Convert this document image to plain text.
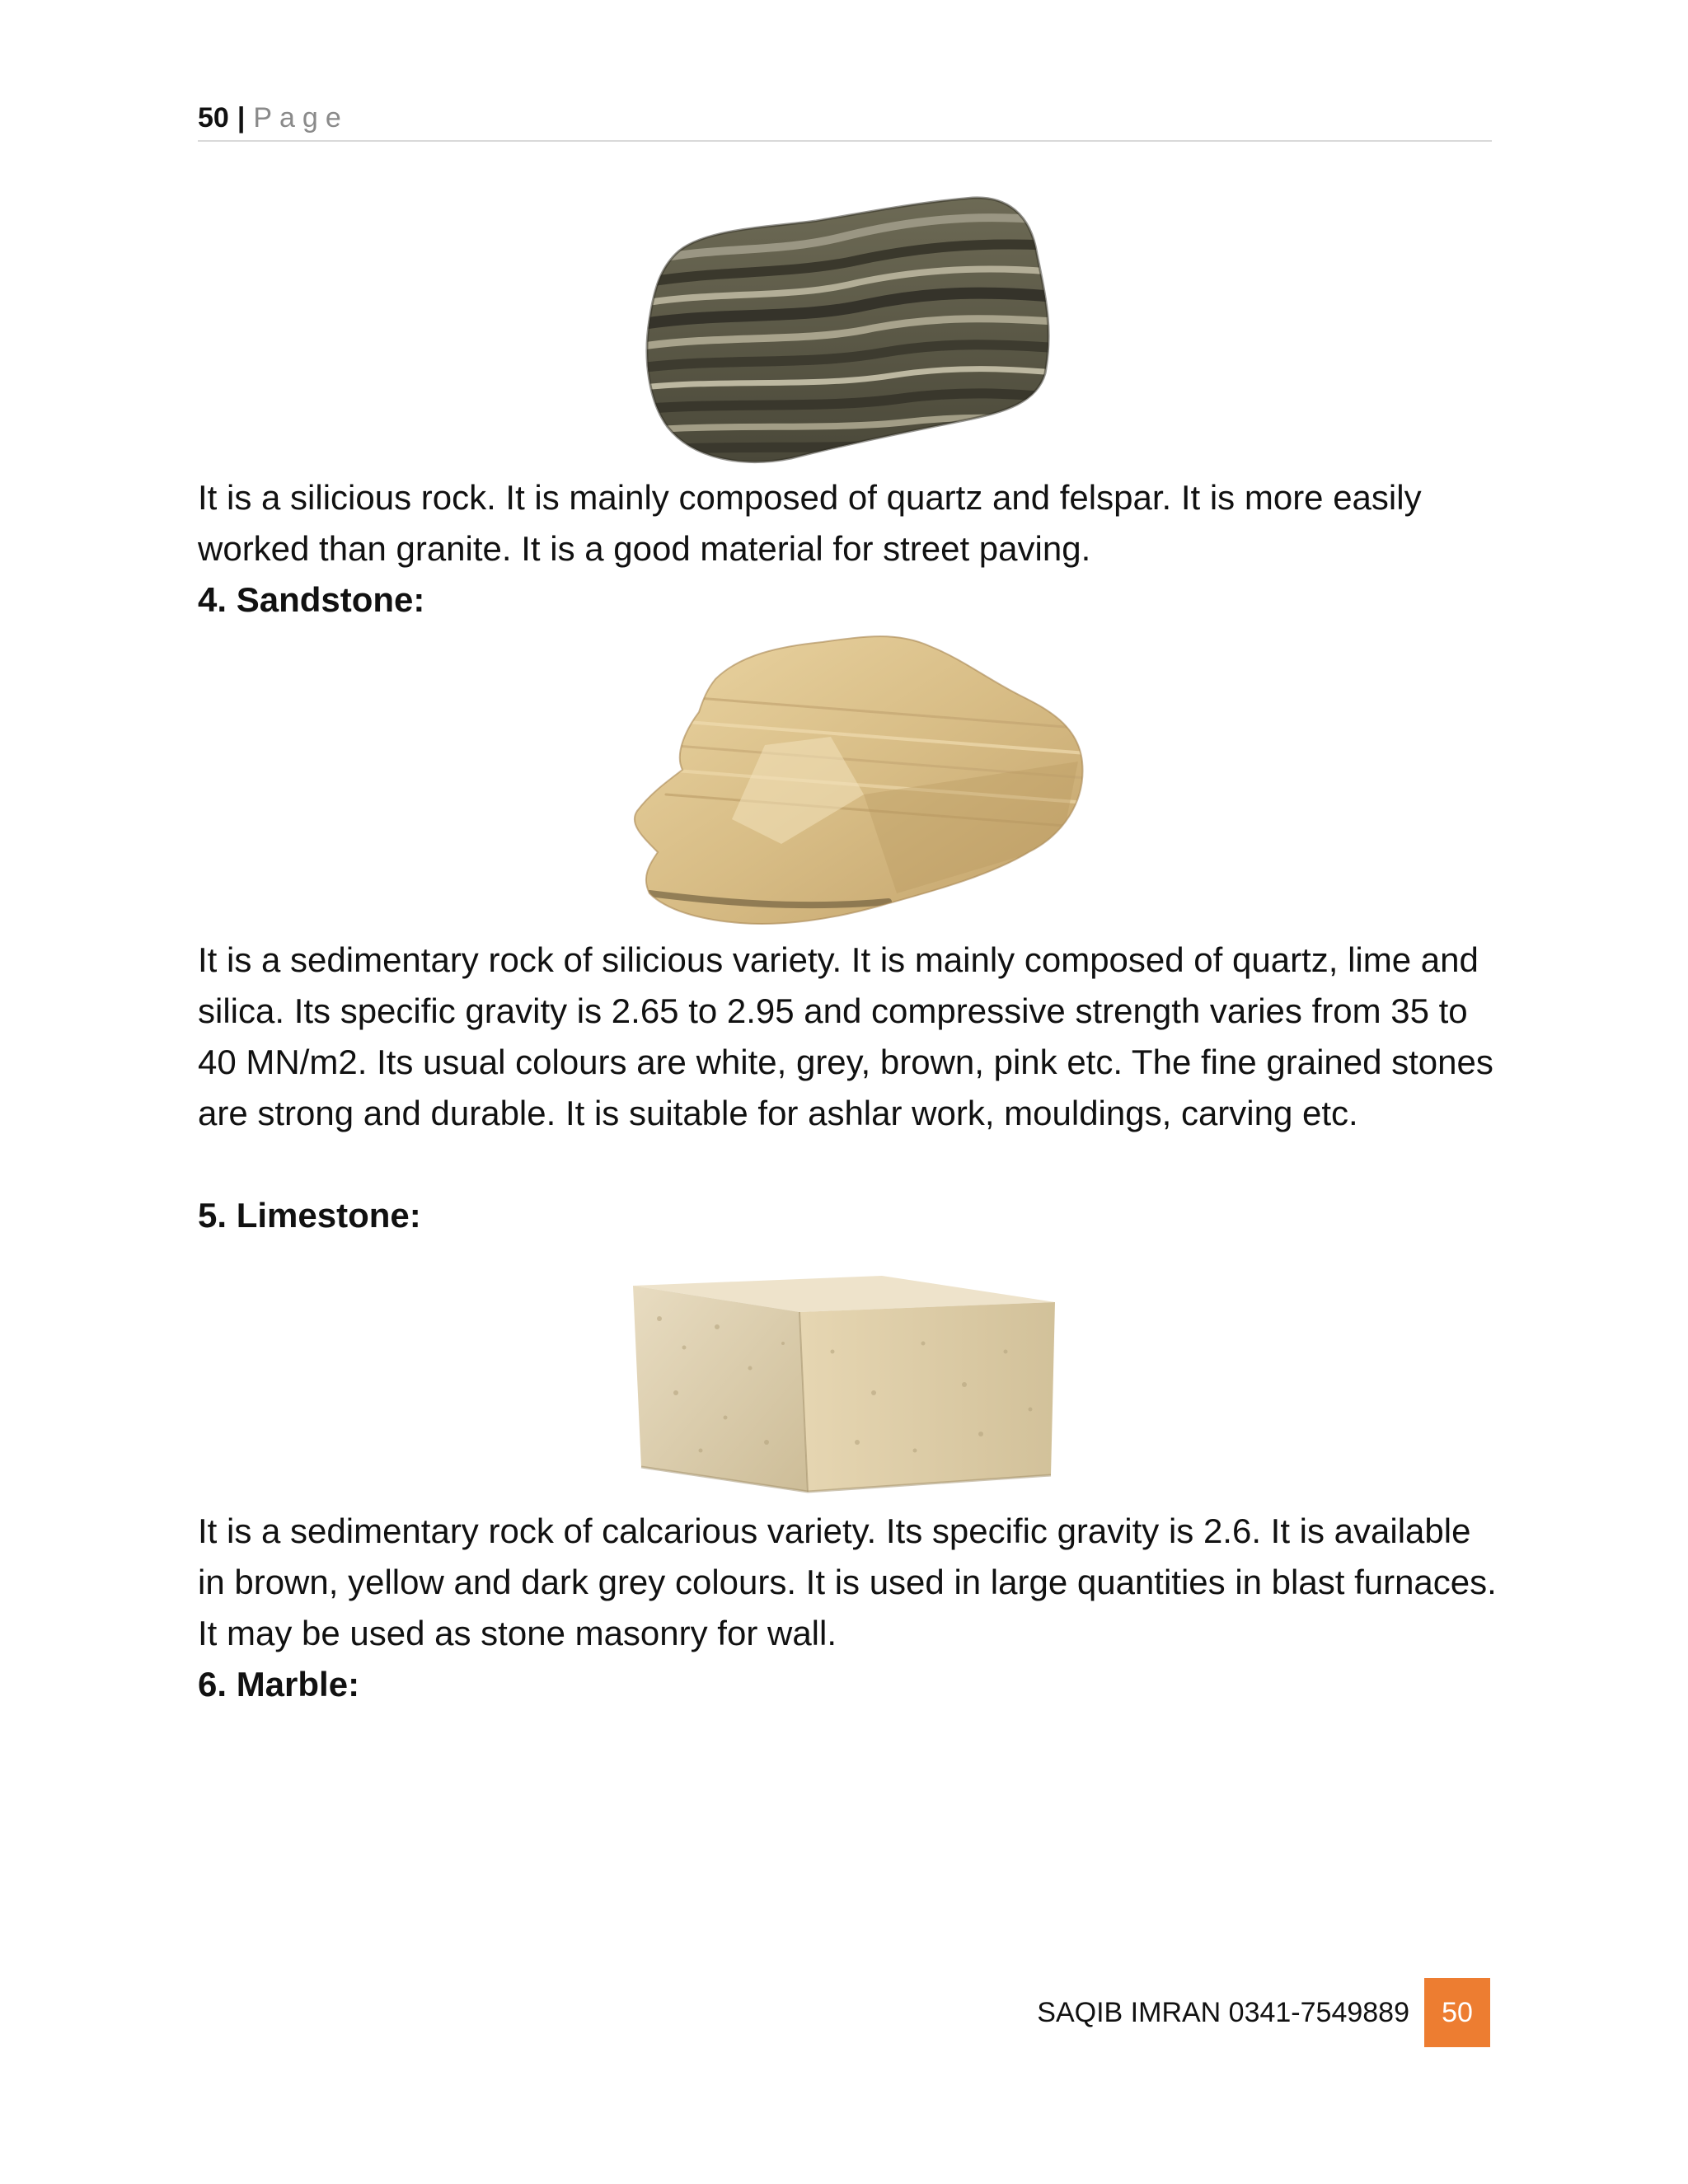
50 | Page

It is a silicious rock. It is mainly composed of quartz and felspar. It is more easily worked than granite. It is a good material for street paving.

4. Sandstone:

It is a sedimentary rock of silicious variety. It is mainly composed of quartz, lime and silica. Its specific gravity is 2.65 to 2.95 and compressive strength varies from 35 to 40 MN/m2. Its usual colours are white, grey, brown, pink etc. The fine grained stones are strong and durable. It is suitable for ashlar work, mouldings, carving etc.

5. Limestone:

It is a sedimentary rock of calcarious variety. Its specific gravity is 2.6. It is available in brown, yellow and dark grey colours. It is used in large quantities in blast furnaces. It may be used as stone masonry for wall.

6. Marble:

SAQIB IMRAN 0341-7549889	50
